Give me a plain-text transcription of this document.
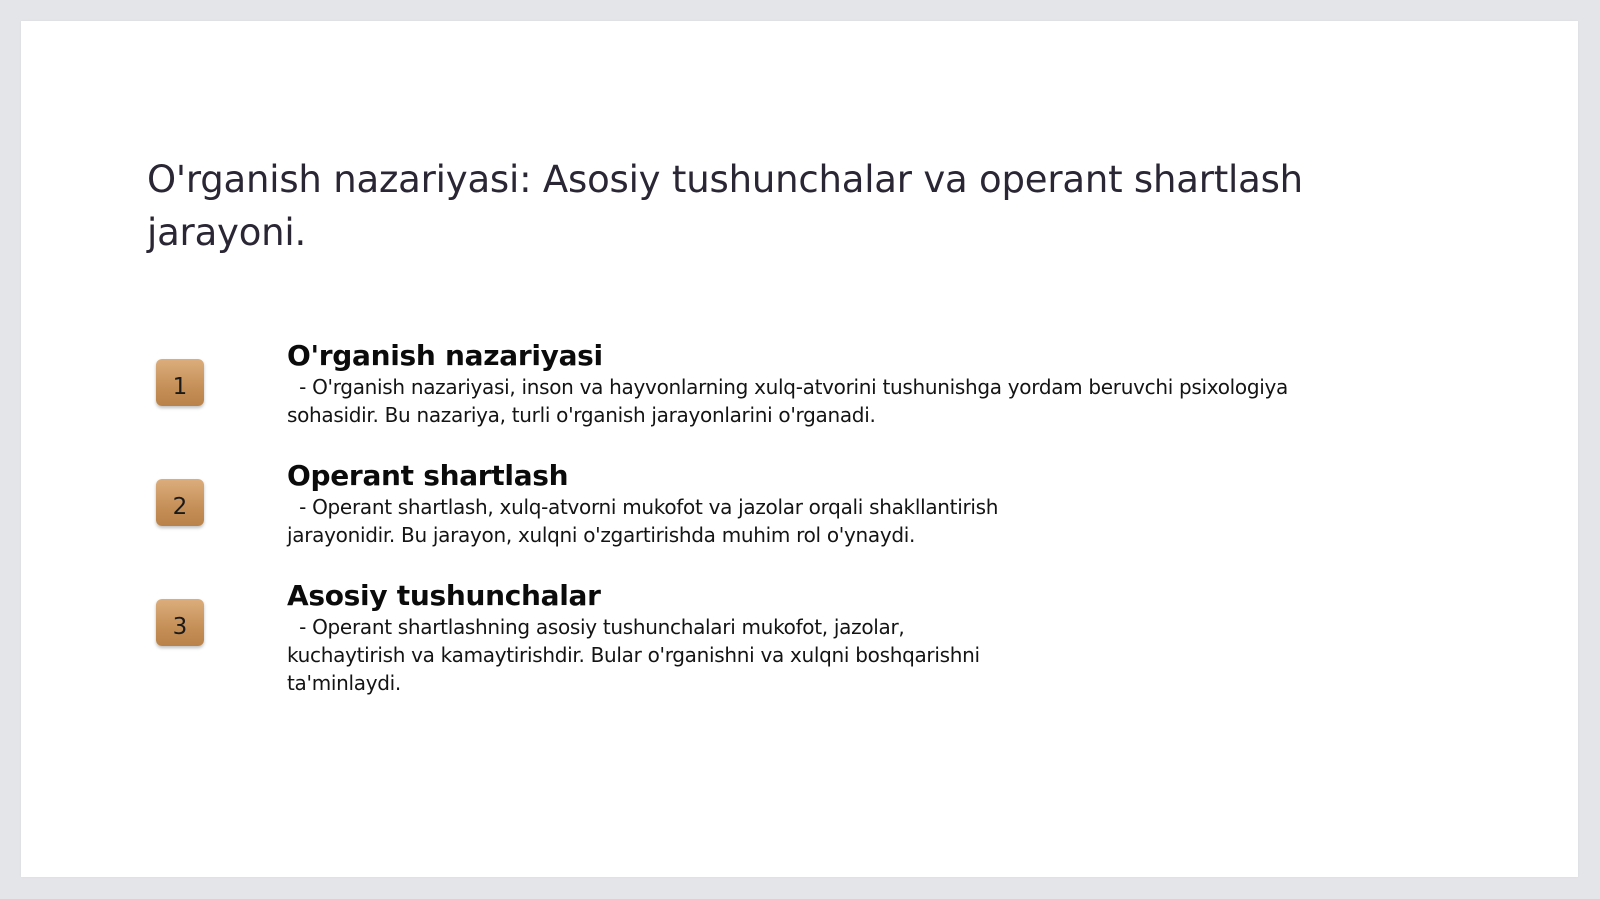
O'rganish nazariyasi: Asosiy tushunchalar va operant shartlash jarayoni.
1
O'rganish nazariyasi

- O'rganish nazariyasi, inson va hayvonlarning xulq-atvorini tushunishga yordam beruvchi psixologiya
sohasidir. Bu nazariya, turli o'rganish jarayonlarini o'rganadi.

2
Operant shartlash

- Operant shartlash, xulq-atvorni mukofot va jazolar orqali shakllantirish
jarayonidir. Bu jarayon, xulqni o'zgartirishda muhim rol o'ynaydi.

3
Asosiy tushunchalar

- Operant shartlashning asosiy tushunchalari mukofot, jazolar,
kuchaytirish va kamaytirishdir. Bular o'rganishni va xulqni boshqarishni
ta'minlaydi.
